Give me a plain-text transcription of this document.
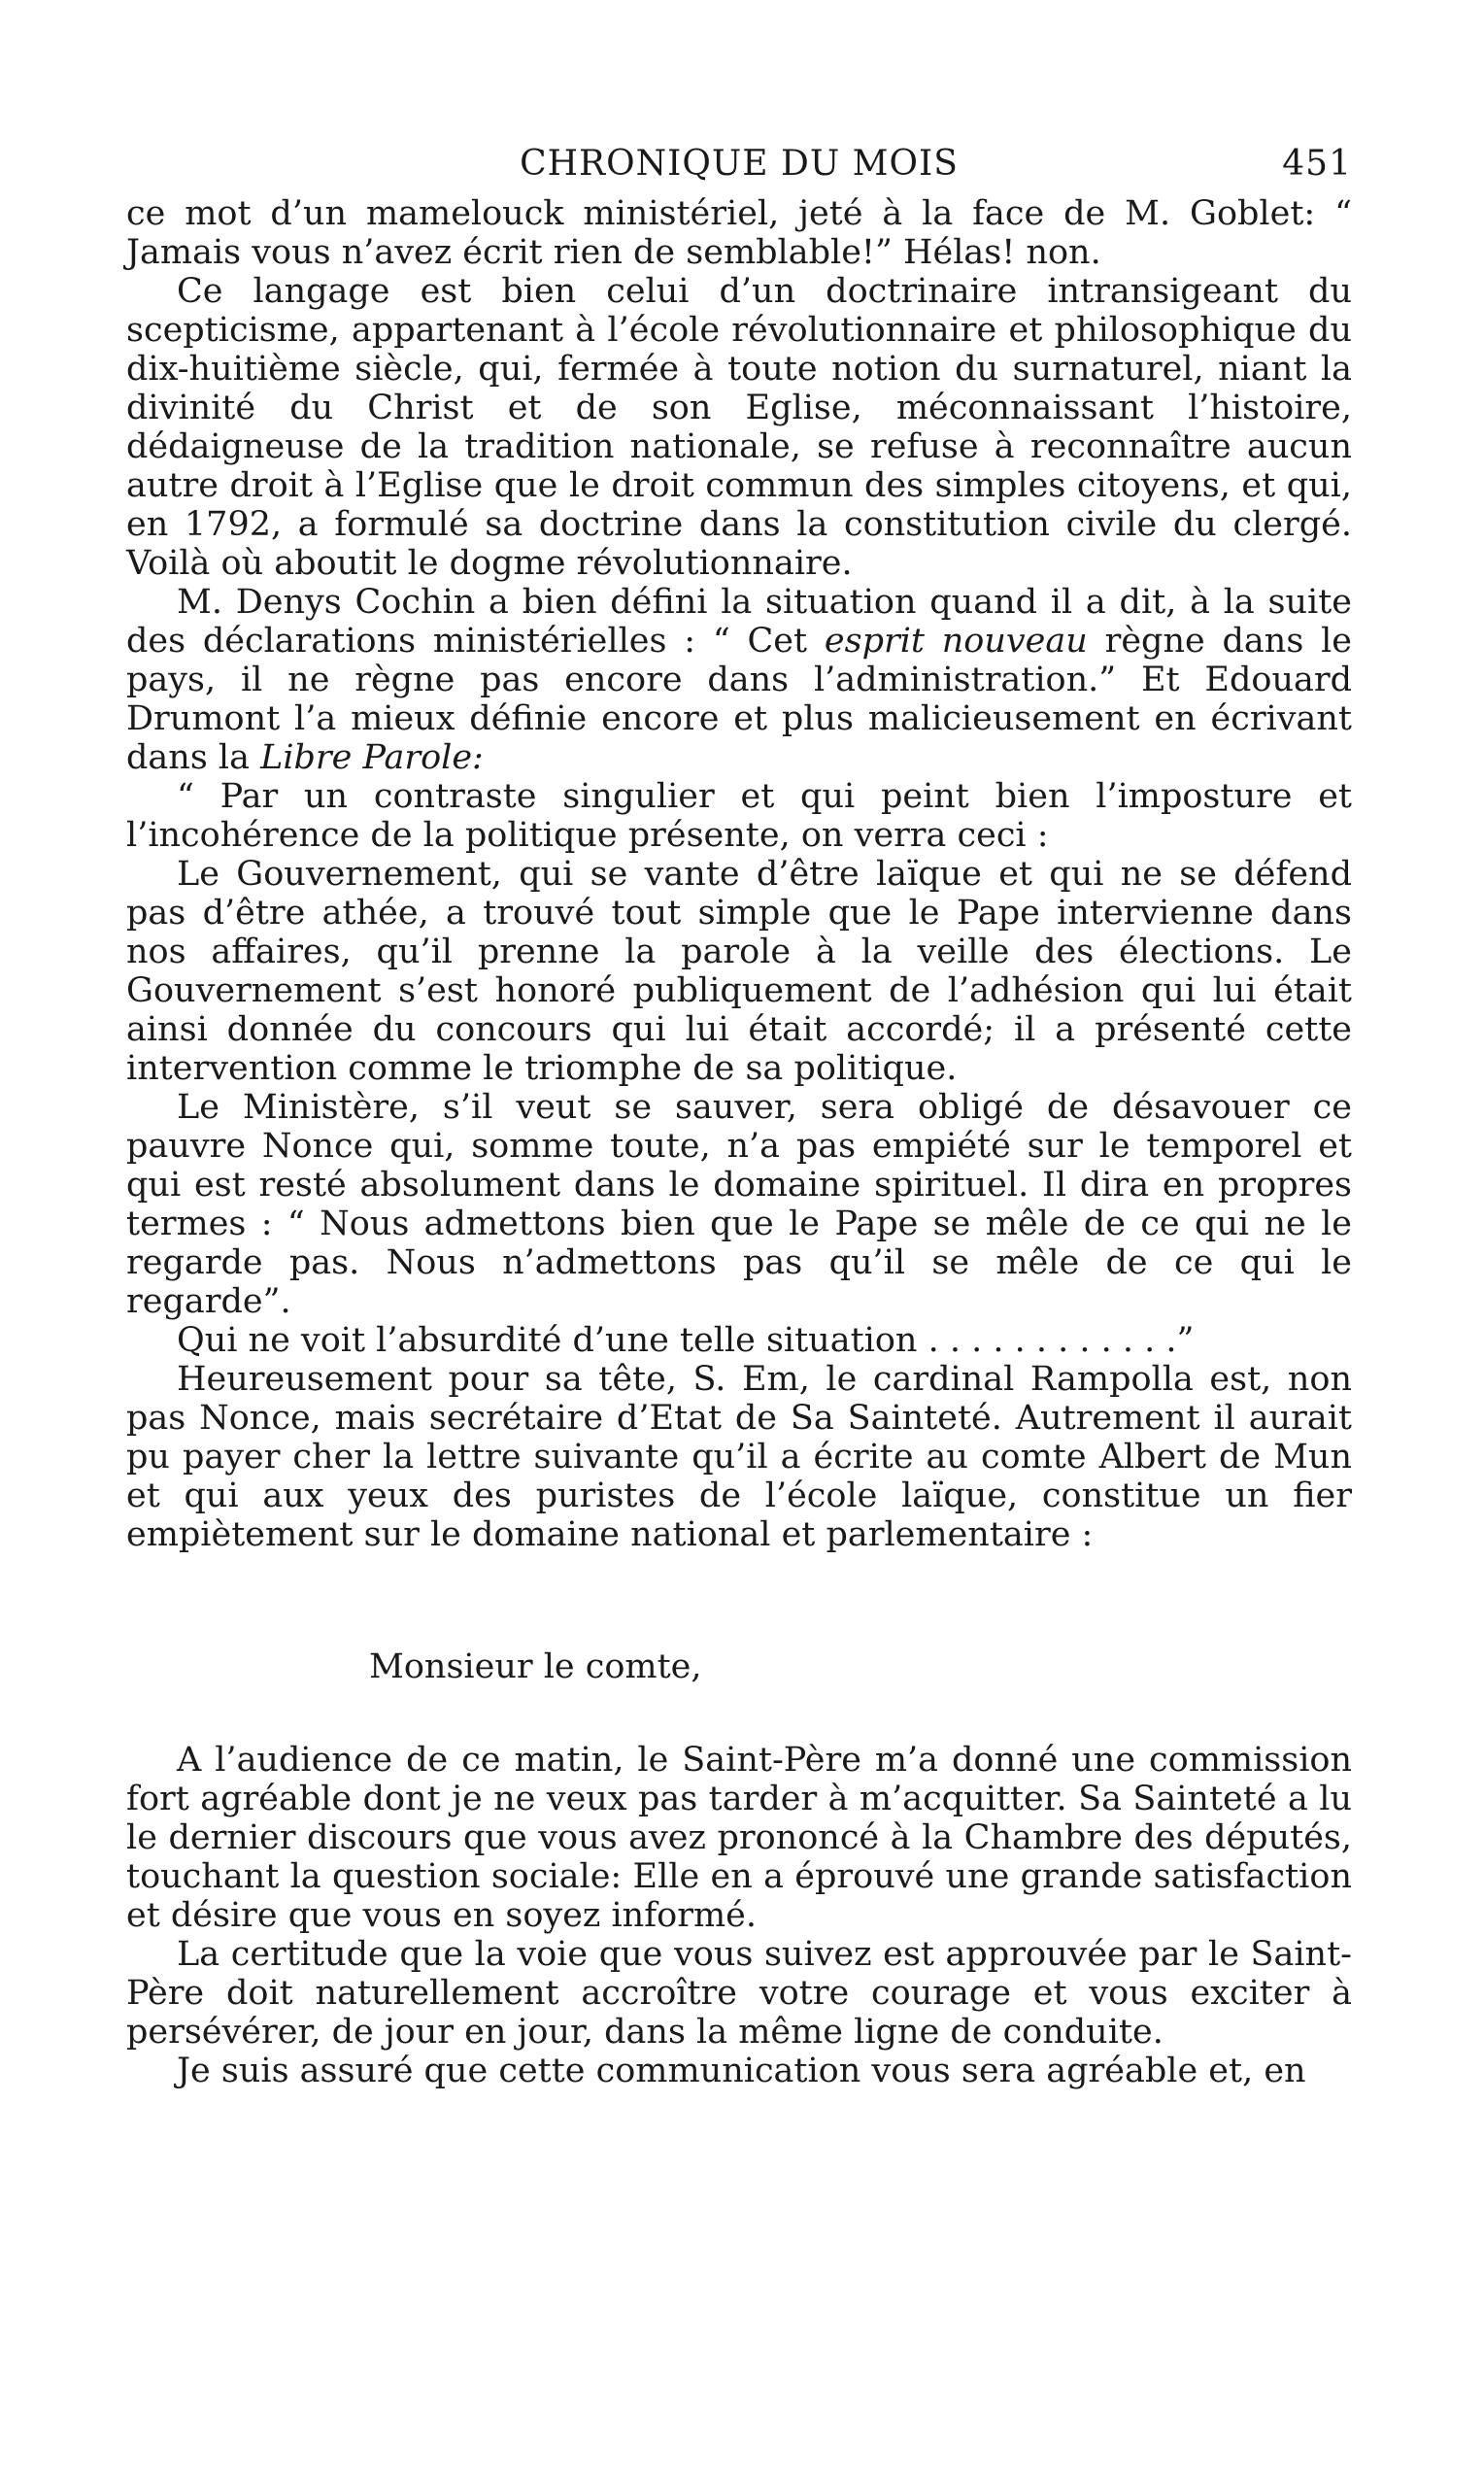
CHRONIQUE DU MOIS	451

ce mot d’un mamelouck ministériel, jeté à la face de M. Goblet: “ Jamais vous n’avez écrit rien de semblable!” Hélas! non.

Ce langage est bien celui d’un doctrinaire intransigeant du scepticisme, appartenant à l’école révolutionnaire et philosophique du dix-huitième siècle, qui, fermée à toute notion du surnaturel, niant la divinité du Christ et de son Eglise, méconnaissant l’histoire, dédaigneuse de la tradition nationale, se refuse à reconnaître aucun autre droit à l’Eglise que le droit commun des simples citoyens, et qui, en 1792, a formulé sa doctrine dans la constitution civile du clergé. Voilà où aboutit le dogme révolutionnaire.

M. Denys Cochin a bien défini la situation quand il a dit, à la suite des déclarations ministérielles : “ Cet esprit nouveau règne dans le pays, il ne règne pas encore dans l’administration.” Et Edouard Drumont l’a mieux définie encore et plus malicieusement en écrivant dans la Libre Parole:

“ Par un contraste singulier et qui peint bien l’imposture et l’incohérence de la politique présente, on verra ceci :

Le Gouvernement, qui se vante d’être laïque et qui ne se défend pas d’être athée, a trouvé tout simple que le Pape intervienne dans nos affaires, qu’il prenne la parole à la veille des élections. Le Gouvernement s’est honoré publiquement de l’adhésion qui lui était ainsi donnée du concours qui lui était accordé; il a présenté cette intervention comme le triomphe de sa politique.

Le Ministère, s’il veut se sauver, sera obligé de désavouer ce pauvre Nonce qui, somme toute, n’a pas empiété sur le temporel et qui est resté absolument dans le domaine spirituel. Il dira en propres termes : “ Nous admettons bien que le Pape se mêle de ce qui ne le regarde pas. Nous n’admettons pas qu’il se mêle de ce qui le regarde”.

Qui ne voit l’absurdité d’une telle situation . . . . . . . . . . . .”

Heureusement pour sa tête, S. Em, le cardinal Rampolla est, non pas Nonce, mais secrétaire d’Etat de Sa Sainteté. Autrement il aurait pu payer cher la lettre suivante qu’il a écrite au comte Albert de Mun et qui aux yeux des puristes de l’école laïque, constitue un fier empiètement sur le domaine national et parlementaire :

Monsieur le comte,

A l’audience de ce matin, le Saint-Père m’a donné une commission fort agréable dont je ne veux pas tarder à m’acquitter. Sa Sainteté a lu le dernier discours que vous avez prononcé à la Chambre des députés, touchant la question sociale: Elle en a éprouvé une grande satisfaction et désire que vous en soyez informé.

La certitude que la voie que vous suivez est approuvée par le Saint-Père doit naturellement accroître votre courage et vous exciter à persévérer, de jour en jour, dans la même ligne de conduite.

Je suis assuré que cette communication vous sera agréable et, en
